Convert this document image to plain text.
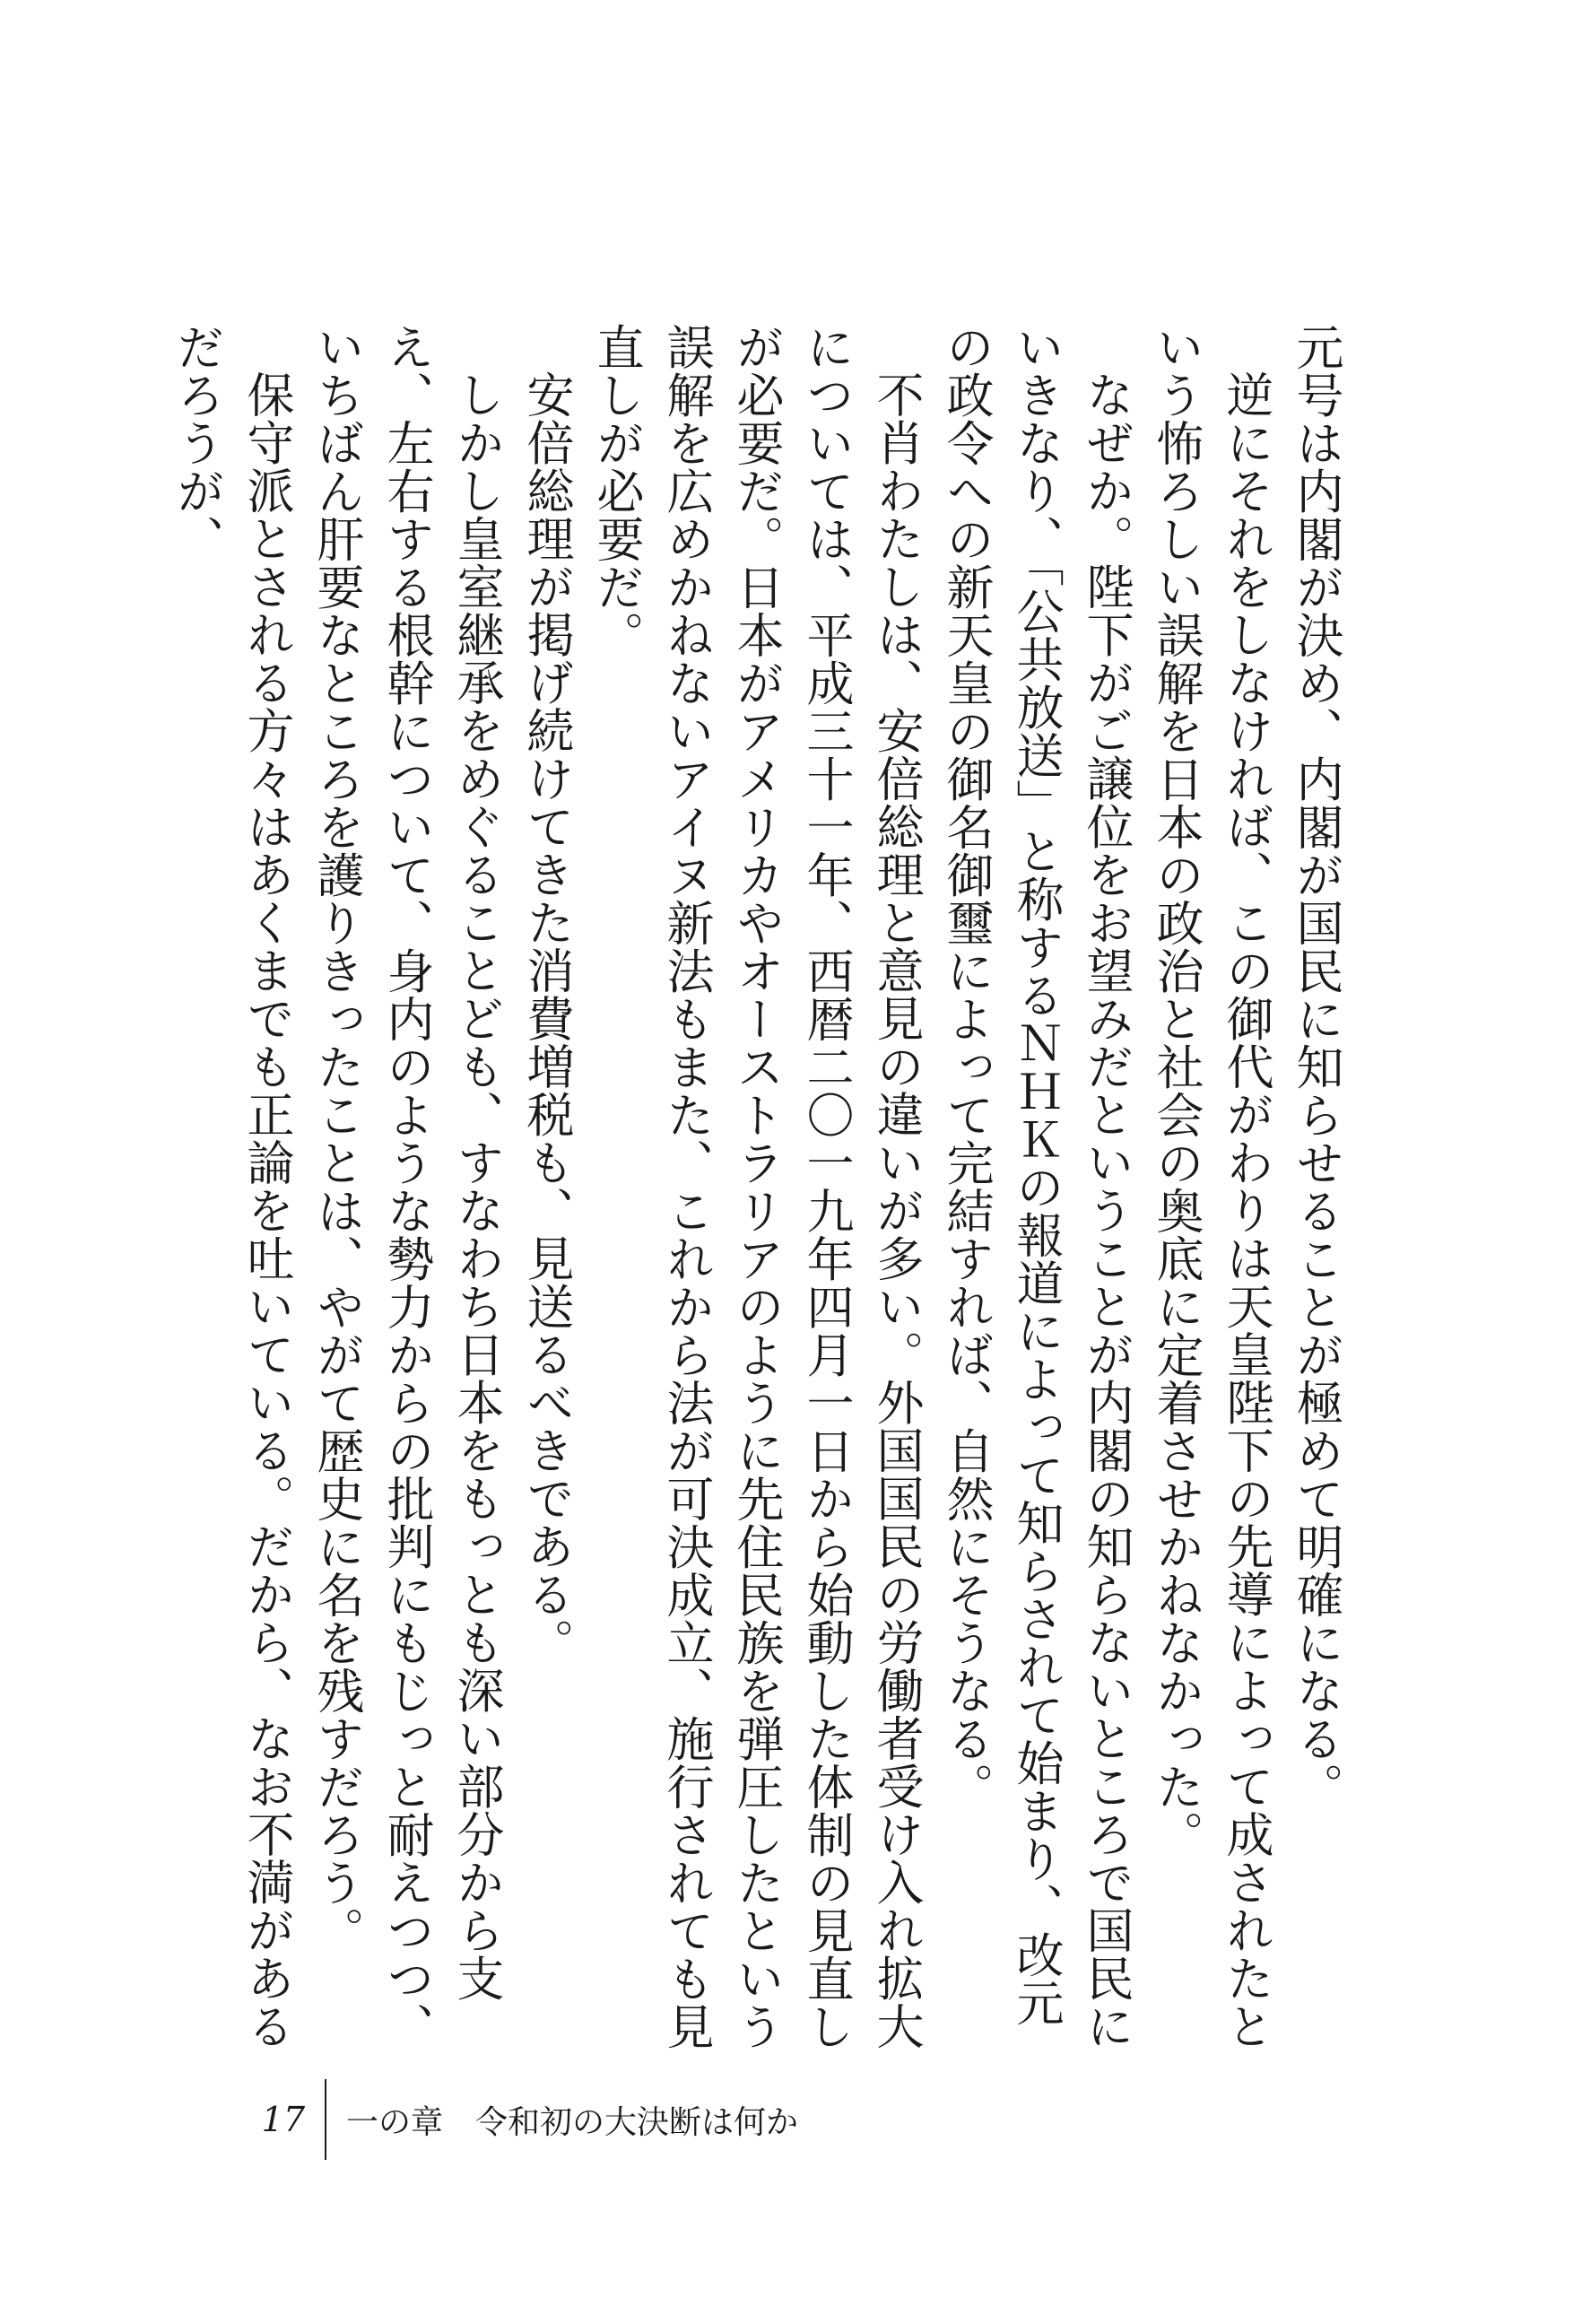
元号は内閣が決め、内閣が国民に知らせることが極めて明確になる。

逆にそれをしなければ、この御代がわりは天皇陛下の先導によって成されたという怖ろしい誤解を日本の政治と社会の奥底に定着させかねなかった。

なぜか。陛下がご譲位をお望みだということが内閣の知らないところで国民にいきなり、「公共放送」と称するＮＨＫの報道によって知らされて始まり、改元の政令への新天皇の御名御璽によって完結すれば、自然にそうなる。

不肖わたしは、安倍総理と意見の違いが多い。外国国民の労働者受け入れ拡大については、平成三十一年、西暦二〇一九年四月一日から始動した体制の見直しが必要だ。日本がアメリカやオーストラリアのように先住民族を弾圧したという誤解を広めかねないアイヌ新法もまた、これから法が可決成立、施行されても見直しが必要だ。

安倍総理が掲げ続けてきた消費増税も、見送るべきである。

しかし皇室継承をめぐることども、すなわち日本をもっとも深い部分から支え、左右する根幹について、身内のような勢力からの批判にもじっと耐えつつ、いちばん肝要なところを護りきったことは、やがて歴史に名を残すだろう。

保守派とされる方々はあくまでも正論を吐いている。だから、なお不満があるだろうが、

17	一の章　令和初の大決断は何か
